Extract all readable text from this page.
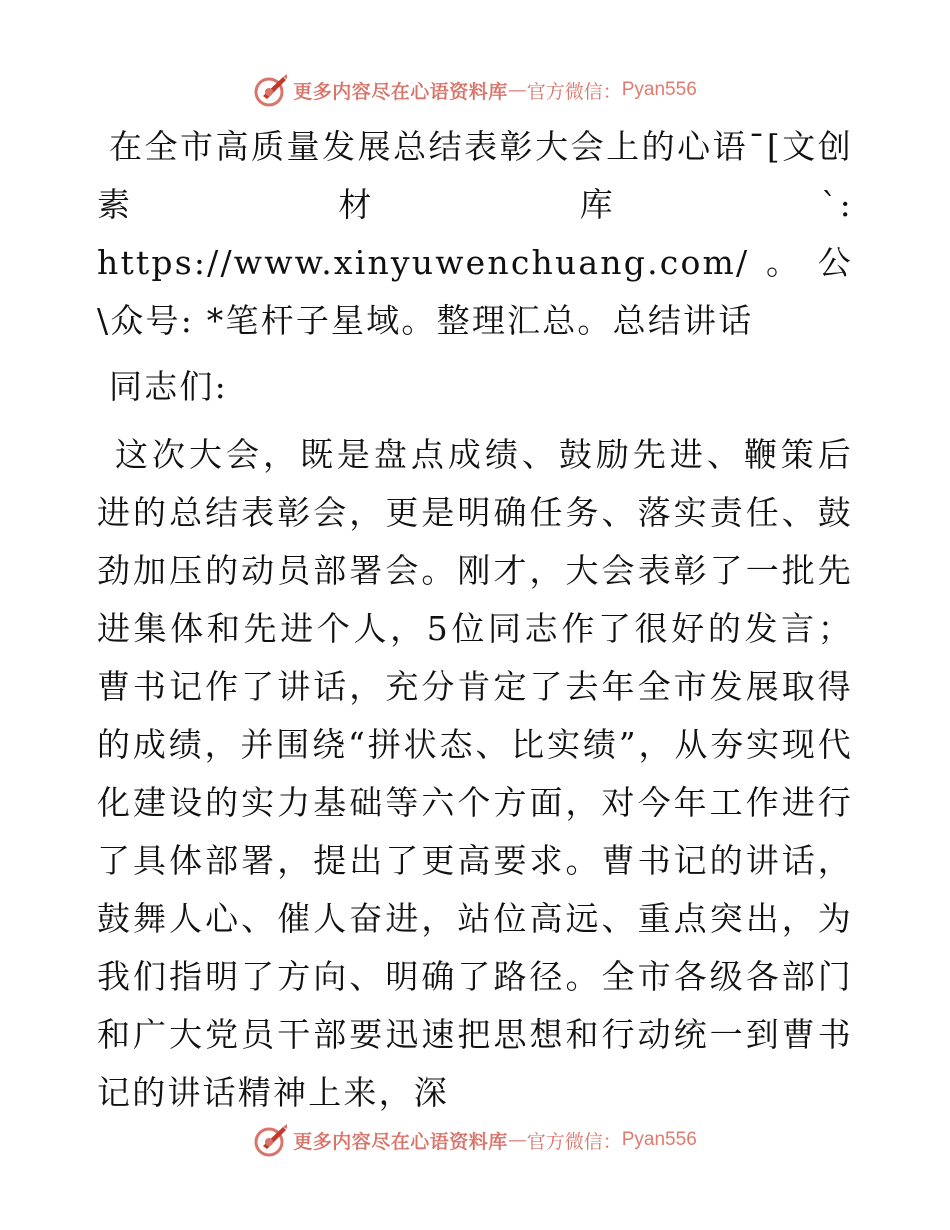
更多内容尽在心语资料库 — 官方微信： Pyan556

在全市高质量发展总结表彰大会上的心语¯[文创素材库`: https://www.xinyuwenchuang.com/。公\众号: *笔杆子星域。整理汇总。总结讲话

同志们:

这次大会，既是盘点成绩、鼓励先进、鞭策后进的总结表彰会，更是明确任务、落实责任、鼓劲加压的动员部署会。刚才，大会表彰了一批先进集体和先进个人，5位同志作了很好的发言；曹书记作了讲话，充分肯定了去年全市发展取得的成绩，并围绕“拼状态、比实绩”，从夯实现代化建设的实力基础等六个方面，对今年工作进行了具体部署，提出了更高要求。曹书记的讲话，鼓舞人心、催人奋进，站位高远、重点突出，为我们指明了方向、明确了路径。全市各级各部门和广大党员干部要迅速把思想和行动统一到曹书记的讲话精神上来，深

更多内容尽在心语资料库 — 官方微信： Pyan556
